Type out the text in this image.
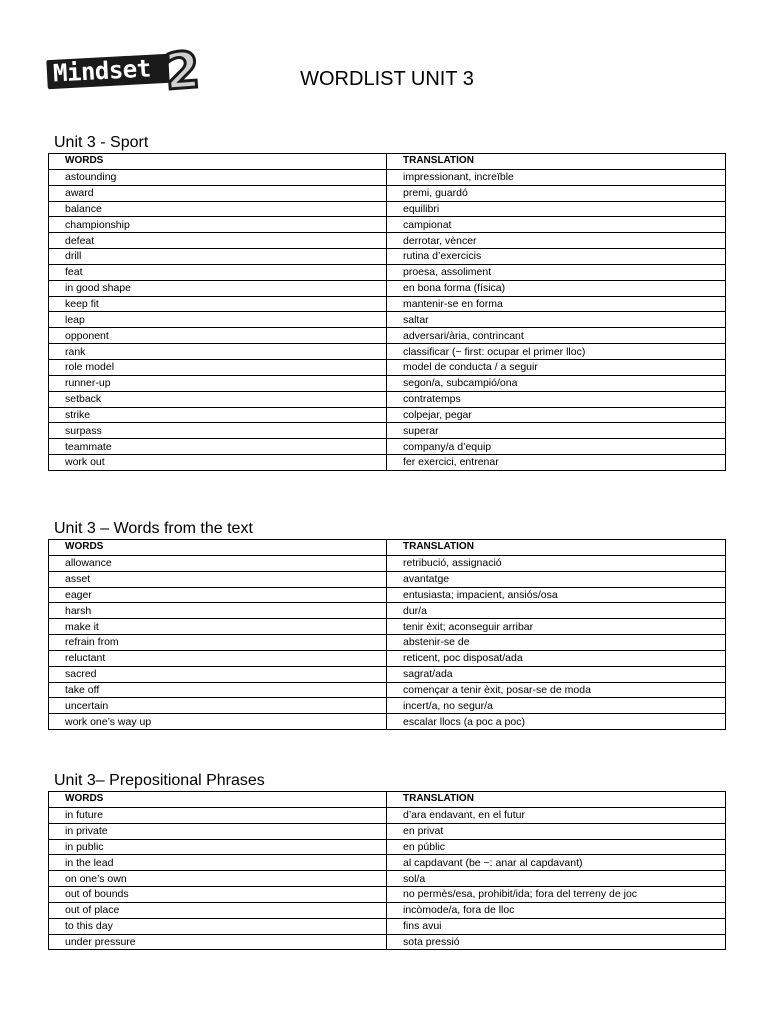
Mindset 2	WORDLIST UNIT 3
Unit 3 - Sport
WORDS	TRANSLATION
astounding	impressionant, increïble
award	premi, guardó
balance	equilibri
championship	campionat
defeat	derrotar, vèncer
drill	rutina d’exercicis
feat	proesa, assoliment
in good shape	en bona forma (física)
keep fit	mantenir-se en forma
leap	saltar
opponent	adversari/ària, contrincant
rank	classificar (~ first: ocupar el primer lloc)
role model	model de conducta / a seguir
runner-up	segon/a, subcampió/ona
setback	contratemps
strike	colpejar, pegar
surpass	superar
teammate	company/a d’equip
work out	fer exercici, entrenar
Unit 3 – Words from the text
WORDS	TRANSLATION
allowance	retribució, assignació
asset	avantatge
eager	entusiasta; impacient, ansiós/osa
harsh	dur/a
make it	tenir èxit; aconseguir arribar
refrain from	abstenir-se de
reluctant	reticent, poc disposat/ada
sacred	sagrat/ada
take off	començar a tenir èxit, posar-se de moda
uncertain	incert/a, no segur/a
work one’s way up	escalar llocs (a poc a poc)
Unit 3– Prepositional Phrases
WORDS	TRANSLATION
in future	d’ara endavant, en el futur
in private	en privat
in public	en públic
in the lead	al capdavant (be ~: anar al capdavant)
on one’s own	sol/a
out of bounds	no permès/esa, prohibit/ida; fora del terreny de joc
out of place	incòmode/a, fora de lloc
to this day	fins avui
under pressure	sota pressió
